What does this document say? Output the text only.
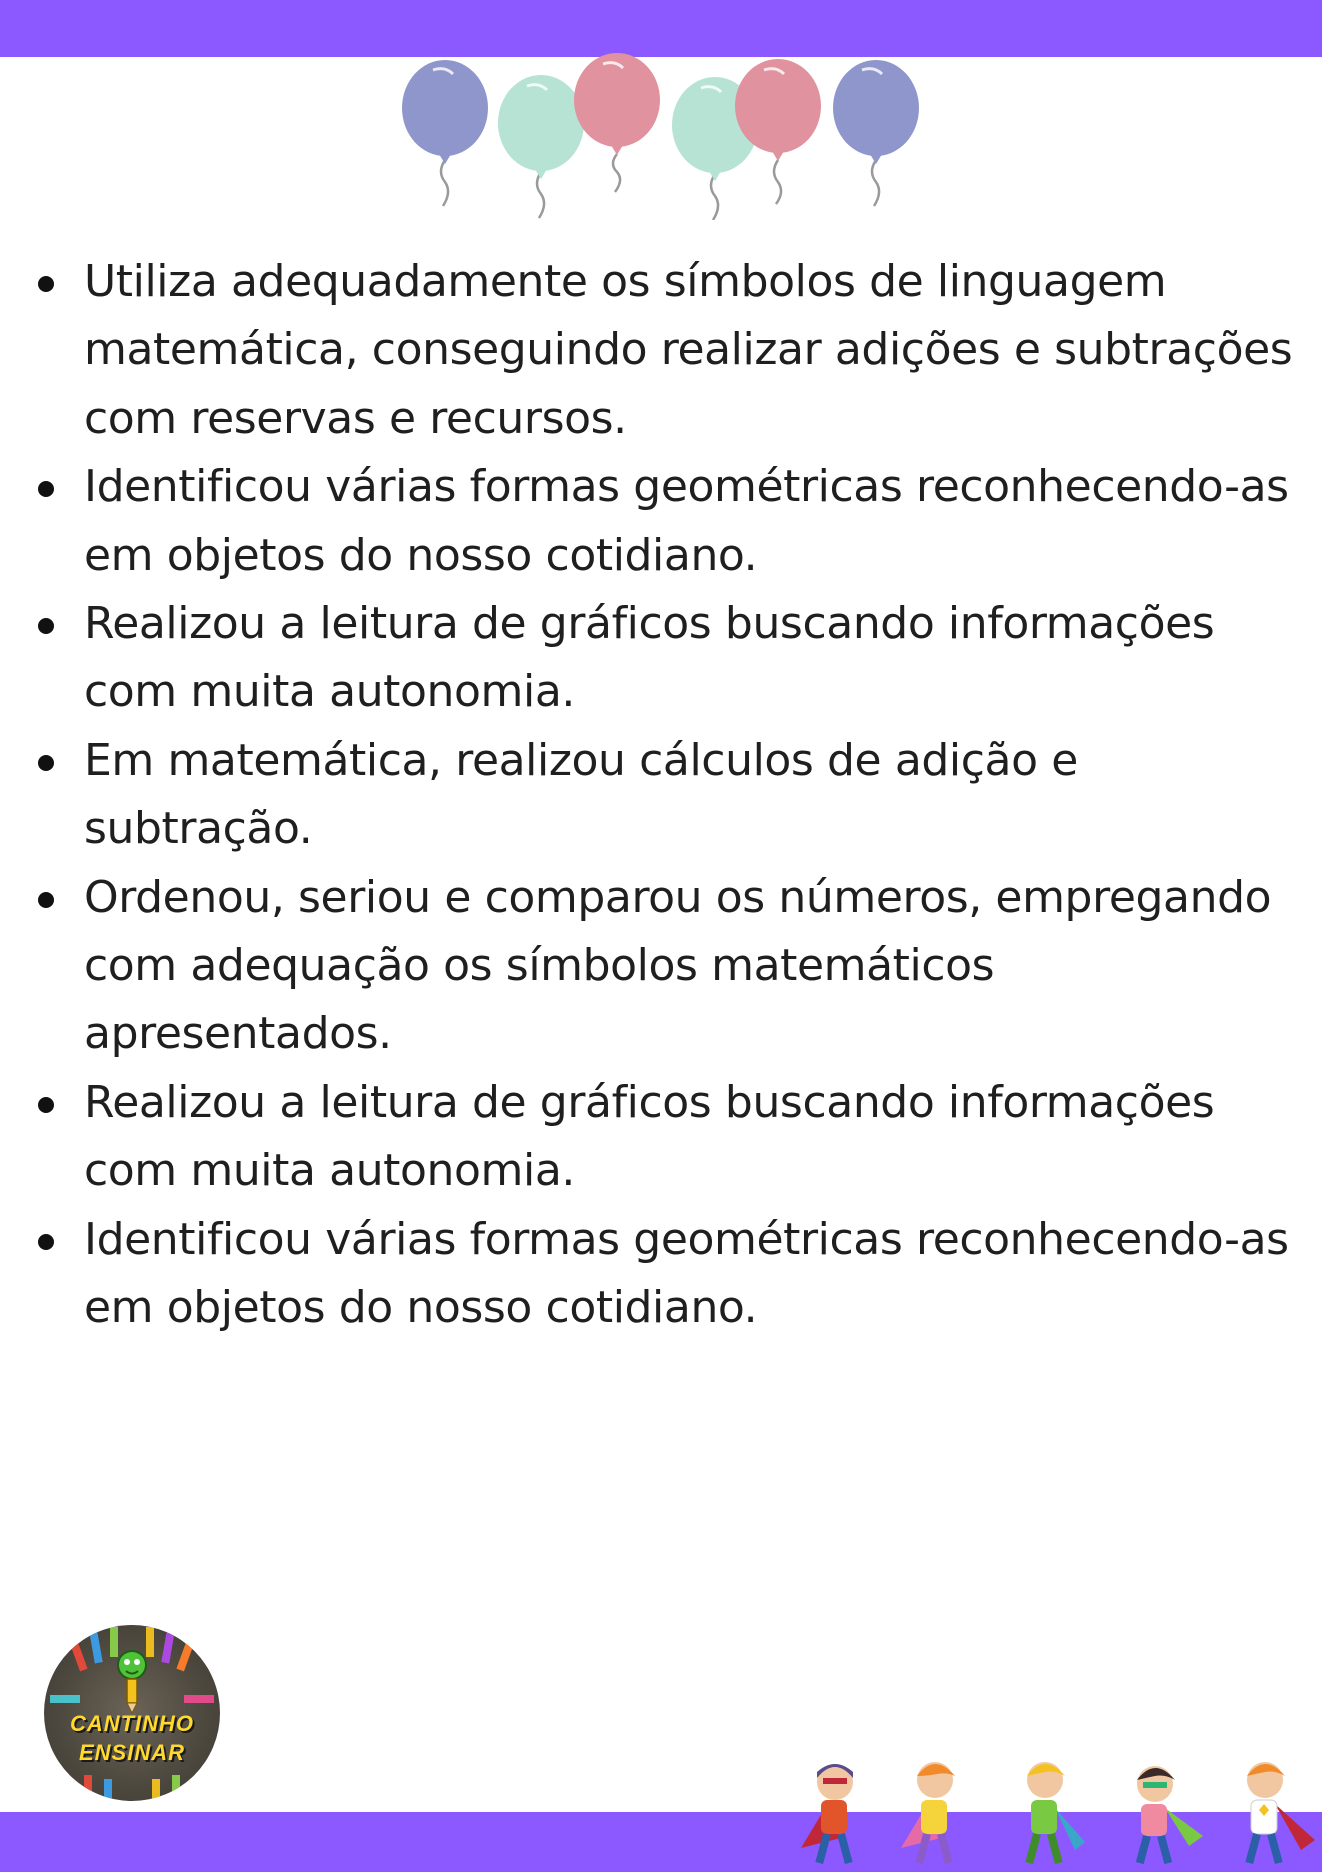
Utiliza adequadamente os símbolos de linguagem
matemática, conseguindo realizar adições e subtrações
com reservas e recursos.
Identificou várias formas geométricas reconhecendo-as
em objetos do nosso cotidiano.
Realizou a leitura de gráficos buscando informações
com muita autonomia.
Em matemática, realizou cálculos de adição e
subtração.
Ordenou, seriou e comparou os números, empregando
com adequação os símbolos matemáticos
apresentados.
Realizou a leitura de gráficos buscando informações
com muita autonomia.
Identificou várias formas geométricas reconhecendo-as
em objetos do nosso cotidiano.
CANTINHO
ENSINAR
